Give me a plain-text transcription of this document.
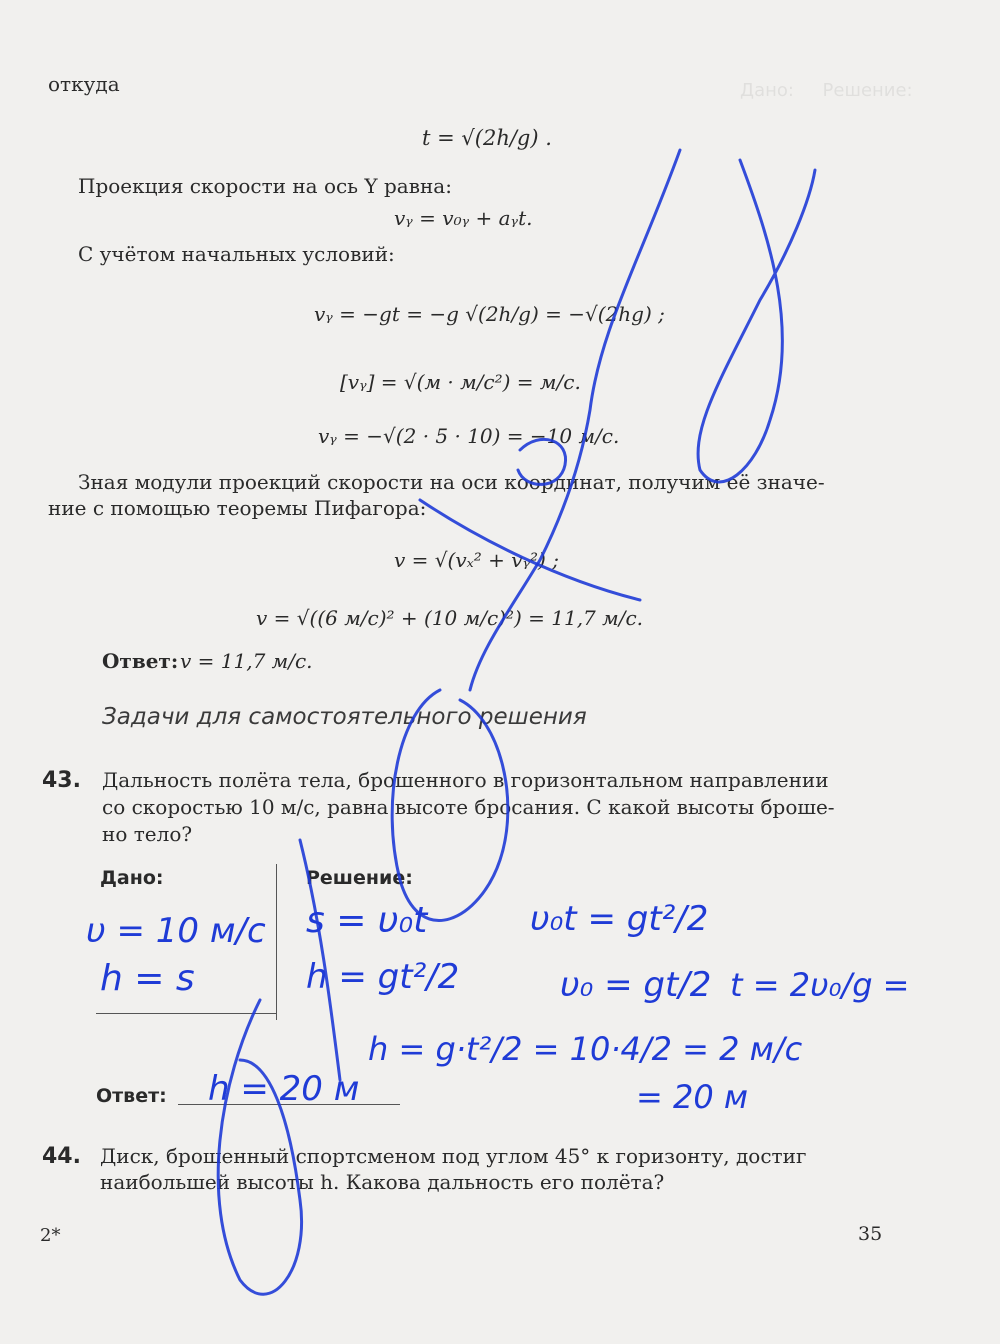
Дано:     Решение:
откуда
t = √(2h/g) .
Проекция скорости на ось Y равна:
vᵧ = v₀ᵧ + aᵧt.
С учётом начальных условий:
vᵧ = −gt = −g √(2h/g) = −√(2hg) ;
[vᵧ] = √(м · м/с²) = м/с.
vᵧ = −√(2 · 5 · 10) = −10 м/с.
Зная модули проекций скорости на оси координат, получим её значе-
ние с помощью теоремы Пифагора:
v = √(vₓ² + vᵧ²) ;
v = √((6 м/с)² + (10 м/с)²) = 11,7 м/с.
Ответ: v = 11,7 м/с.
Задачи для самостоятельного решения
43. Дальность полёта тела, брошенного в горизонтальном направлении
со скоростью 10 м/с, равна высоте бросания. С какой высоты броше-
но тело?
Дано:	Решение:
Ответ:
44. Диск, брошенный спортсменом под углом 45° к горизонту, достиг
наибольшей высоты h. Какова дальность его полёта?
2*	35
υ = 10 м/с
h = s
s = υ₀t
h = gt²/2
υ₀t = gt²/2
υ₀ = gt/2 t = 2υ₀/g =
h = g·t²/2 = 10·4/2 = 2 м/с
= 20 м
h = 20 м
